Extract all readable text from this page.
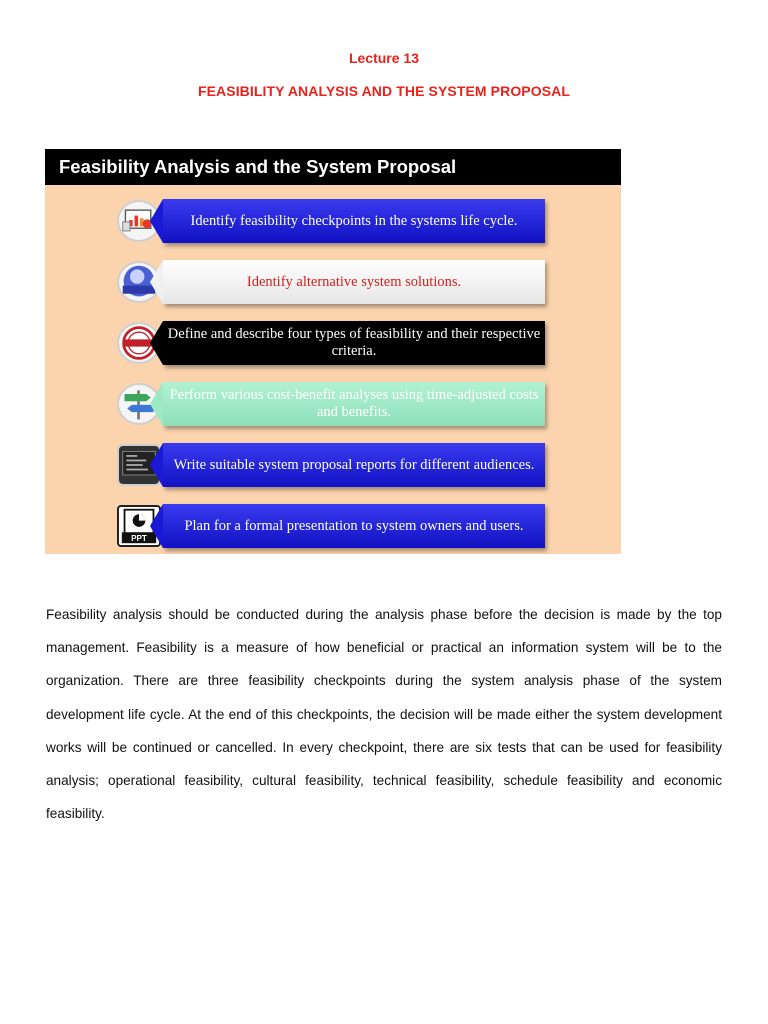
Lecture 13
FEASIBILITY ANALYSIS AND THE SYSTEM PROPOSAL
Feasibility Analysis and the System Proposal
Identify feasibility checkpoints in the systems life cycle.
Identify alternative system solutions.
Define and describe four types of feasibility and their respective criteria.
Perform various cost-benefit analyses using time-adjusted costs and benefits.
Write suitable system proposal reports for different audiences.
PPT
Plan for a formal presentation to system owners and users.

Feasibility analysis should be conducted during the analysis phase before the decision is made by the top management. Feasibility is a measure of how beneficial or practical an information system will be to the organization. There are three feasibility checkpoints during the system analysis phase of the system development life cycle. At the end of this checkpoints, the decision will be made either the system development works will be continued or cancelled. In every checkpoint, there are six tests that can be used for feasibility analysis; operational feasibility, cultural feasibility, technical feasibility, schedule feasibility and economic feasibility.
